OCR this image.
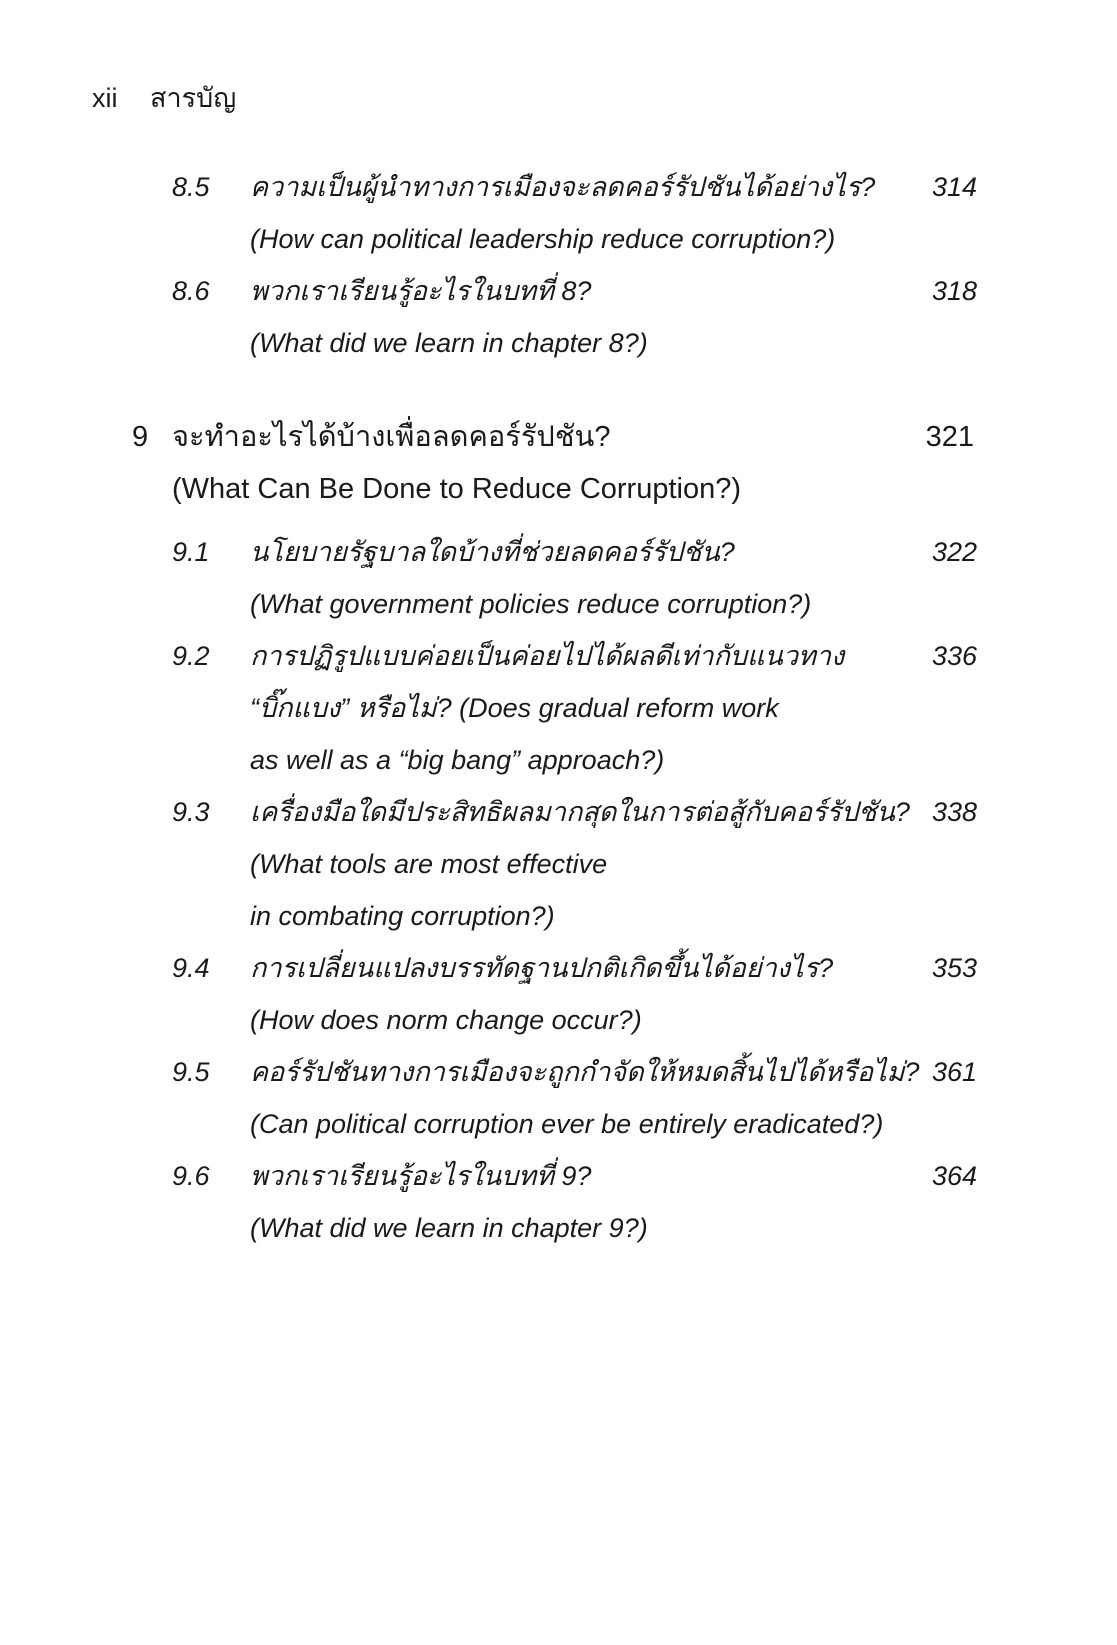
xii สารบัญ
8.5 ความเป็นผู้นำทางการเมืองจะลดคอร์รัปชันได้อย่างไร? 314
(How can political leadership reduce corruption?)
8.6 พวกเราเรียนรู้อะไรในบทที่ 8?	318
(What did we learn in chapter 8?)
9 จะทำอะไรได้บ้างเพื่อลดคอร์รัปชัน?	321
(What Can Be Done to Reduce Corruption?)
9.1 นโยบายรัฐบาลใดบ้างที่ช่วยลดคอร์รัปชัน?	322
(What government policies reduce corruption?)
9.2 การปฏิรูปแบบค่อยเป็นค่อยไปได้ผลดีเท่ากับแนวทาง	336
“บิ๊กแบง” หรือไม่? (Does gradual reform work
as well as a “big bang” approach?)
9.3 เครื่องมือใดมีประสิทธิผลมากสุดในการต่อสู้กับคอร์รัปชัน? 338
(What tools are most effective
in combating corruption?)
9.4 การเปลี่ยนแปลงบรรทัดฐานปกติเกิดขึ้นได้อย่างไร?	353
(How does norm change occur?)
9.5 คอร์รัปชันทางการเมืองจะถูกกำจัดให้หมดสิ้นไปได้หรือไม่? 361
(Can political corruption ever be entirely eradicated?)
9.6 พวกเราเรียนรู้อะไรในบทที่ 9?	364
(What did we learn in chapter 9?)
